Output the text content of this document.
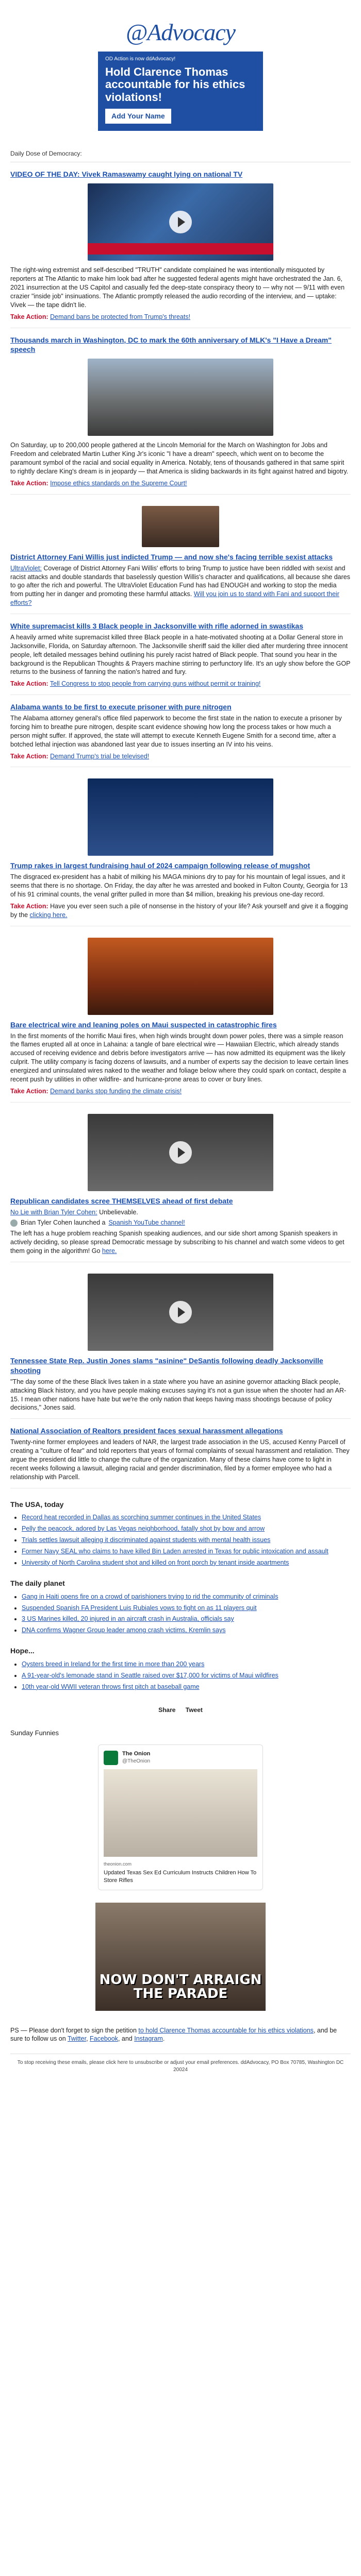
@Advocacy
OD Action is now ddAdvocacy!
Hold Clarence Thomas accountable for his ethics violations!
Add Your Name
Daily Dose of Democracy:
VIDEO OF THE DAY: Vivek Ramaswamy caught lying on national TV
The right-wing extremist and self-described "TRUTH" candidate complained he was intentionally misquoted by reporters at The Atlantic to make him look bad after he suggested federal agents might have orchestrated the Jan. 6, 2021 insurrection at the US Capitol and casually fed the deep-state conspiracy theory to — why not — 9/11 with even crazier "inside job" insinuations. The Atlantic promptly released the audio recording of the interview, and — uptake: Vivek — the tape didn't lie.
Take Action: Demand bans be protected from Trump's threats!
Thousands march in Washington, DC to mark the 60th anniversary of MLK's "I Have a Dream" speech
On Saturday, up to 200,000 people gathered at the Lincoln Memorial for the March on Washington for Jobs and Freedom and celebrated Martin Luther King Jr's iconic "I have a dream" speech, which went on to become the paramount symbol of the racial and social equality in America. Notably, tens of thousands gathered in that same spirit to rightly declare King's dream is in jeopardy — that America is sliding backwards in its fight against hatred and bigotry.
Take Action: Impose ethics standards on the Supreme Court!
District Attorney Fani Willis just indicted Trump — and now she's facing terrible sexist attacks
UltraViolet: Coverage of District Attorney Fani Willis' efforts to bring Trump to justice have been riddled with sexist and racist attacks and double standards that baselessly question Willis's character and qualifications, all because she dares to go after the rich and powerful. The UltraViolet Education Fund has had ENOUGH and working to stop the media from putting her in danger and promoting these harmful attacks. Will you join us to stand with Fani and support their efforts?
White supremacist kills 3 Black people in Jacksonville with rifle adorned in swastikas
A heavily armed white supremacist killed three Black people in a hate-motivated shooting at a Dollar General store in Jacksonville, Florida, on Saturday afternoon. The Jacksonville sheriff said the killer died after murdering three innocent people, left detailed messages behind outlining his purely racist hatred of Black people. That sound you hear in the background is the Republican Thoughts & Prayers machine stirring to perfunctory life. It's an ugly show before the GOP returns to the business of fanning the nation's hatred and fury.
Take Action: Tell Congress to stop people from carrying guns without permit or training!
Alabama wants to be first to execute prisoner with pure nitrogen
The Alabama attorney general's office filed paperwork to become the first state in the nation to execute a prisoner by forcing him to breathe pure nitrogen, despite scant evidence showing how long the process takes or how much a person might suffer. If approved, the state will attempt to execute Kenneth Eugene Smith for a second time, after a botched lethal injection was abandoned last year due to issues inserting an IV into his veins.
Take Action: Demand Trump's trial be televised!
Trump rakes in largest fundraising haul of 2024 campaign following release of mugshot
The disgraced ex-president has a habit of milking his MAGA minions dry to pay for his mountain of legal issues, and it seems that there is no shortage. On Friday, the day after he was arrested and booked in Fulton County, Georgia for 13 of his 91 criminal counts, the venal grifter pulled in more than $4 million, breaking his previous one-day record.
Take Action: Have you ever seen such a pile of nonsense in the history of your life? Ask yourself and give it a flogging by the clicking here.
Bare electrical wire and leaning poles on Maui suspected in catastrophic fires
In the first moments of the horrific Maui fires, when high winds brought down power poles, there was a simple reason the flames erupted all at once in Lahaina: a tangle of bare electrical wire — Hawaiian Electric, which already stands accused of receiving evidence and debris before investigators arrive — has now admitted its equipment was the likely culprit. The utility company is facing dozens of lawsuits, and a number of experts say the decision to leave certain lines energized and uninsulated wires naked to the weather and foliage below where they could spark on contact, despite a recent push by utilities in other wildfire- and hurricane-prone areas to cover or bury lines.
Take Action: Demand banks stop funding the climate crisis!
Republican candidates scree THEMSELVES ahead of first debate
No Lie with Brian Tyler Cohen: Unbelievable.
Brian Tyler Cohen launched a Spanish YouTube channel!
The left has a huge problem reaching Spanish speaking audiences, and our side short among Spanish speakers in actively deciding, so please spread Democratic message by subscribing to his channel and watch some videos to get them going in the algorithm! Go here.
Tennessee State Rep. Justin Jones slams "asinine" DeSantis following deadly Jacksonville shooting
"The day some of the these Black lives taken in a state where you have an asinine governor attacking Black people, attacking Black history, and you have people making excuses saying it's not a gun issue when the shooter had an AR-15. I mean other nations have hate but we're the only nation that keeps having mass shootings because of policy decisions," Jones said.
National Association of Realtors president faces sexual harassment allegations
Twenty-nine former employees and leaders of NAR, the largest trade association in the US, accused Kenny Parcell of creating a "culture of fear" and told reporters that years of formal complaints of sexual harassment and retaliation. They argue the president did little to change the culture of the organization. Many of these claims have come to light in recent weeks following a lawsuit, alleging racial and gender discrimination, filed by a former employee who had a relationship with Parcell.
The USA, today
• Record heat recorded in Dallas as scorching summer continues in the United States
• Pelly the peacock, adored by Las Vegas neighborhood, fatally shot by bow and arrow
• Trials settles lawsuit alleging it discriminated against students with mental health issues
• Former Navy SEAL who claims to have killed Bin Laden arrested in Texas for public intoxication and assault
• University of North Carolina student shot and killed on front porch by tenant inside apartments
The daily planet
• Gang in Haiti opens fire on a crowd of parishioners trying to rid the community of criminals
• Suspended Spanish FA President Luis Rubiales vows to fight on as 11 players quit
• 3 US Marines killed, 20 injured in an aircraft crash in Australia, officials say
• DNA confirms Wagner Group leader among crash victims, Kremlin says
Hope...
• Oysters breed in Ireland for the first time in more than 200 years
• A 91-year-old's lemonade stand in Seattle raised over $17,000 for victims of Maui wildfires
• 10th year-old WWII veteran throws first pitch at baseball game
Share Tweet
Sunday Funnies
The Onion
@TheOnion
theonion.com
Updated Texas Sex Ed Curriculum Instructs Children How To Store Rifles
NOW DON'T ARRAIGN THE PARADE
PS — Please don't forget to sign the petition to hold Clarence Thomas accountable for his ethics violations, and be sure to follow us on Twitter, Facebook, and Instagram.
To stop receiving these emails, please click here to unsubscribe or adjust your email preferences. ddAdvocacy, PO Box 70785, Washington DC 20024
